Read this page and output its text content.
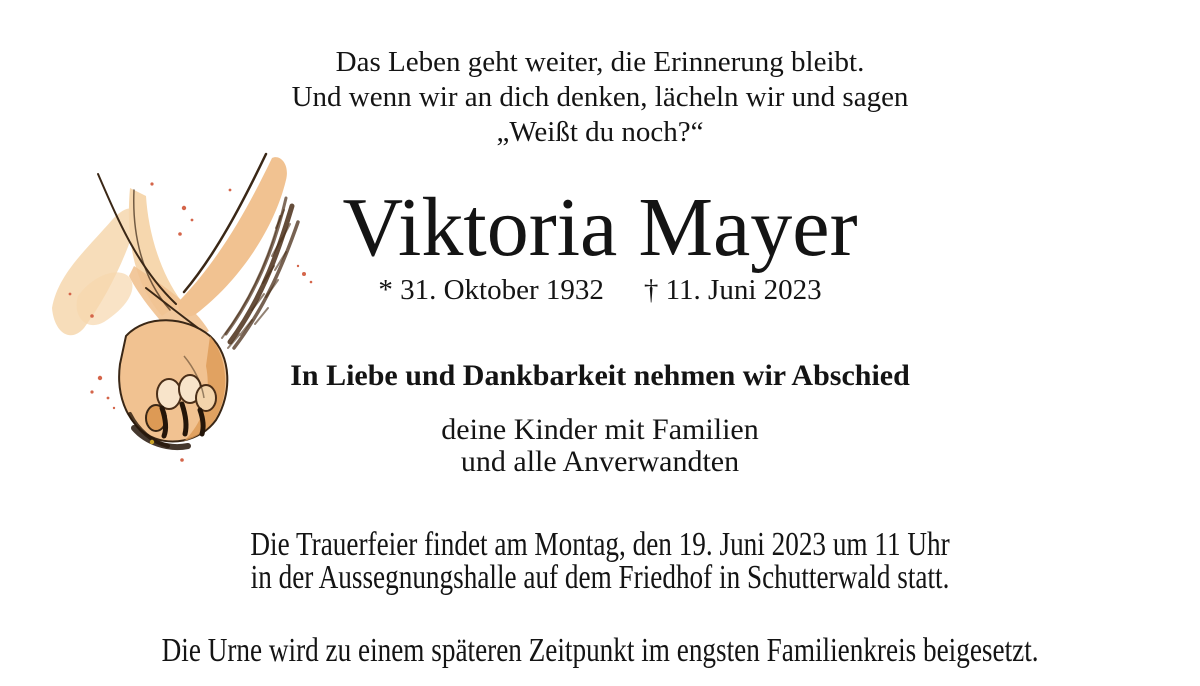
Das Leben geht weiter, die Erinnerung bleibt.
Und wenn wir an dich denken, lächeln wir und sagen
„Weißt du noch?“
Viktoria Mayer
* 31. Oktober 1932 † 11. Juni 2023
In Liebe und Dankbarkeit nehmen wir Abschied
deine Kinder mit Familien
und alle Anverwandten
Die Trauerfeier findet am Montag, den 19. Juni 2023 um 11 Uhr
in der Aussegnungshalle auf dem Friedhof in Schutterwald statt.
Die Urne wird zu einem späteren Zeitpunkt im engsten Familienkreis beigesetzt.
